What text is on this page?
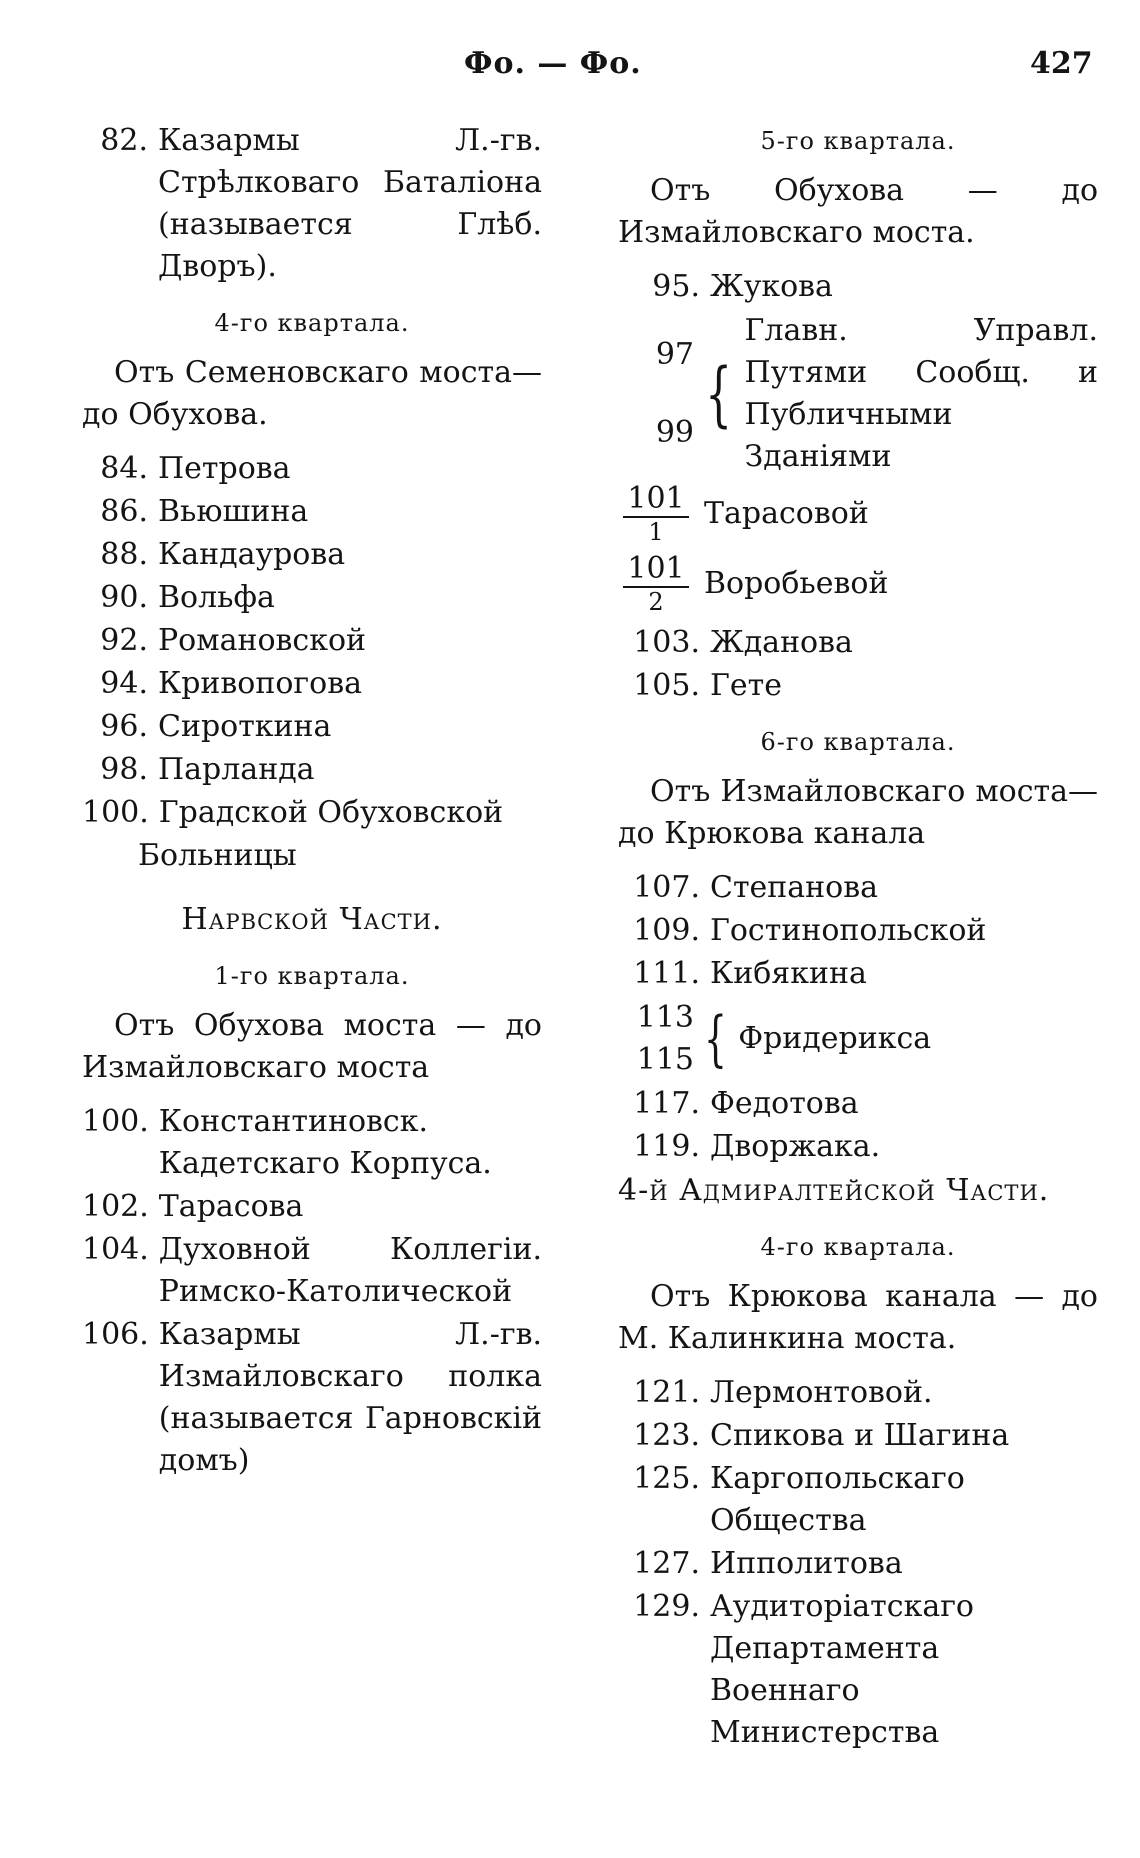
Фо. — Фо.	427
82. Казармы Л.-гв. Стрѣлковаго Баталіона (называется Глѣб. Дворъ).
4-го квартала.
Отъ Семеновскаго моста—до Обухова.
84. Петрова
86. Вьюшина
88. Кандаурова
90. Вольфа
92. Романовской
94. Кривопогова
96. Сироткина
98. Парланда
100. Градской Обуховской
Больницы
Нарвской Части.
1-го квартала.
Отъ Обухова моста — до Измайловскаго моста
100. Константиновск. Кадетскаго Корпуса.
102. Тарасова
104. Духовной Коллегіи. Римско-Католической
106. Казармы Л.-гв. Измайловскаго полка (называется Гарновскій домъ)
5-го квартала.
Отъ Обухова — до Измайловскаго моста.
95. Жукова
97
99 {
Главн. Управл. Путями Сообщ. и Публичными Зданіями
$\frac{101}{1}$ Тарасовой
$\frac{101}{2}$ Воробьевой
103. Жданова
105. Гете
6-го квартала.
Отъ Измайловскаго моста—до Крюкова канала
107. Степанова
109. Гостинопольской
111. Кибякина
113
115 { Фридерикса
117. Федотова
119. Дворжака.
4-й Адмиралтейской Части.
4-го квартала.
Отъ Крюкова канала — до М. Калинкина моста.
121. Лермонтовой.
123. Спикова и Шагина
125. Каргопольскаго Общества
127. Ипполитова
129. Аудиторіатскаго Департамента Военнаго Министерства
